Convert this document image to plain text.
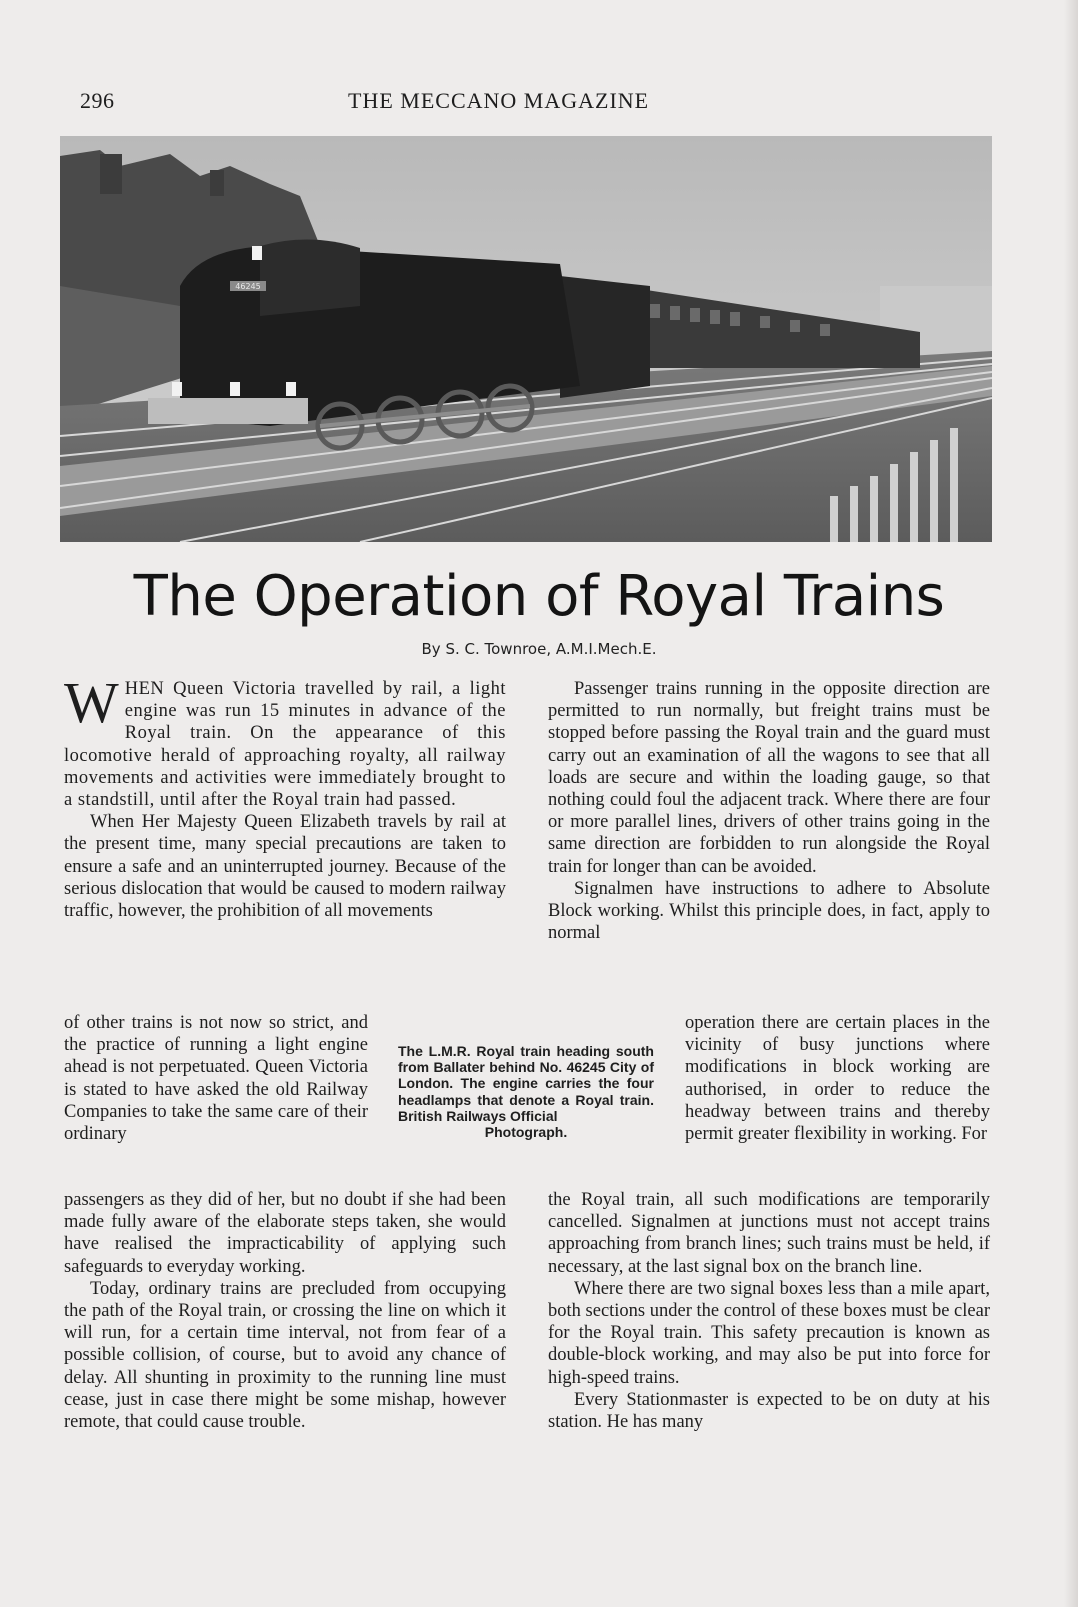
296	THE MECCANO MAGAZINE
46245
The Operation of Royal Trains
By S. C. Townroe, A.M.I.Mech.E.

WHEN Queen Victoria travelled by rail, a light engine was run 15 minutes in advance of the Royal train. On the appearance of this locomotive herald of approaching royalty, all railway movements and activities were immediately brought to a standstill, until after the Royal train had passed.

When Her Majesty Queen Elizabeth travels by rail at the present time, many special precautions are taken to ensure a safe and an uninterrupted journey. Because of the serious dislocation that would be caused to modern railway traffic, however, the prohibition of all movements

of other trains is not now so strict, and the practice of running a light engine ahead is not perpetuated. Queen Victoria is stated to have asked the old Railway Companies to take the same care of their ordinary

passengers as they did of her, but no doubt if she had been made fully aware of the elaborate steps taken, she would have realised the impracticability of applying such safeguards to everyday working.

Today, ordinary trains are precluded from occupying the path of the Royal train, or crossing the line on which it will run, for a certain time interval, not from fear of a possible collision, of course, but to avoid any chance of delay. All shunting in proximity to the running line must cease, just in case there might be some mishap, however remote, that could cause trouble.

The L.M.R. Royal train heading south from Ballater behind No. 46245 City of London. The engine carries the four headlamps that denote a Royal train. British Railways Official
Photograph.

Passenger trains running in the opposite direction are permitted to run normally, but freight trains must be stopped before passing the Royal train and the guard must carry out an examination of all the wagons to see that all loads are secure and within the loading gauge, so that nothing could foul the adjacent track. Where there are four or more parallel lines, drivers of other trains going in the same direction are forbidden to run alongside the Royal train for longer than can be avoided.

Signalmen have instructions to adhere to Absolute Block working. Whilst this principle does, in fact, apply to normal

operation there are certain places in the vicinity of busy junctions where modifications in block working are authorised, in order to reduce the headway between trains and thereby permit greater flexibility in working. For

the Royal train, all such modifications are temporarily cancelled. Signalmen at junctions must not accept trains approaching from branch lines; such trains must be held, if necessary, at the last signal box on the branch line.

Where there are two signal boxes less than a mile apart, both sections under the control of these boxes must be clear for the Royal train. This safety precaution is known as double-block working, and may also be put into force for high-speed trains.

Every Stationmaster is expected to be on duty at his station. He has many
